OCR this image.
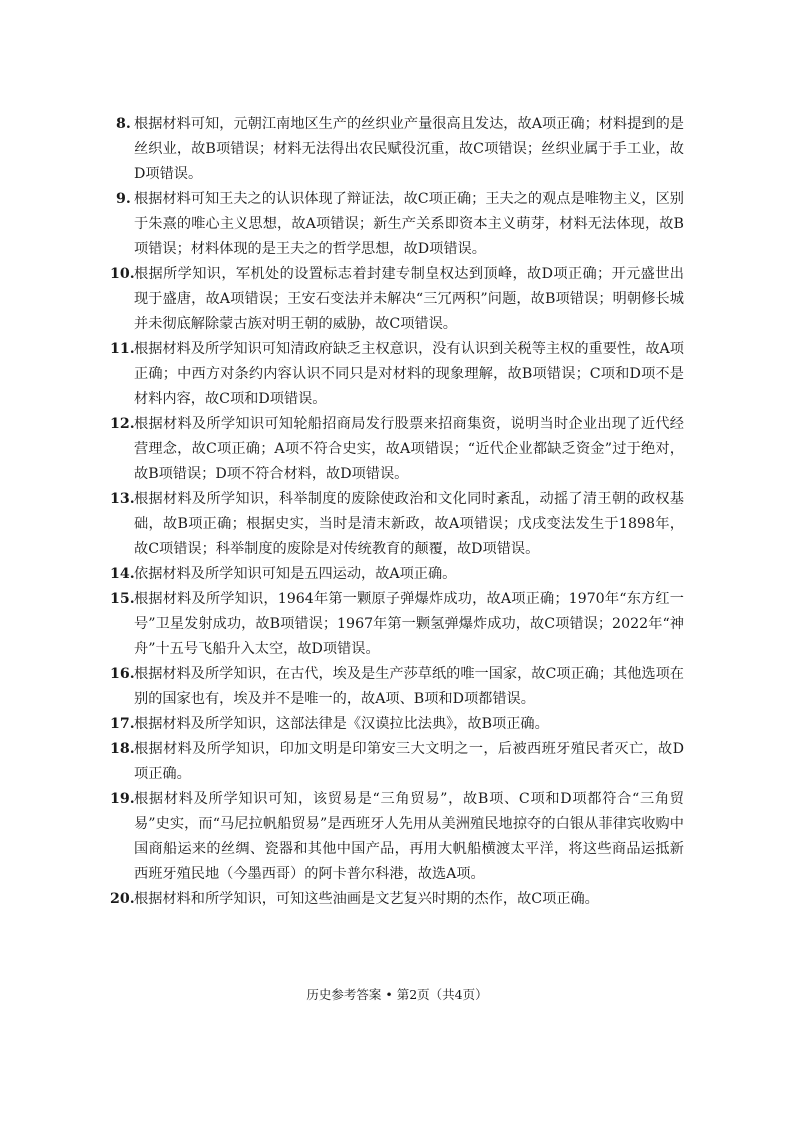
8. 根据材料可知，元朝江南地区生产的丝织业产量很高且发达，故A项正确；材料提到的是丝织业，故B项错误；材料无法得出农民赋役沉重，故C项错误；丝织业属于手工业，故D项错误。
9. 根据材料可知王夫之的认识体现了辩证法，故C项正确；王夫之的观点是唯物主义，区别于朱熹的唯心主义思想，故A项错误；新生产关系即资本主义萌芽，材料无法体现，故B项错误；材料体现的是王夫之的哲学思想，故D项错误。
10. 根据所学知识，军机处的设置标志着封建专制皇权达到顶峰，故D项正确；开元盛世出现于盛唐，故A项错误；王安石变法并未解决“三冗两积”问题，故B项错误；明朝修长城并未彻底解除蒙古族对明王朝的威胁，故C项错误。
11. 根据材料及所学知识可知清政府缺乏主权意识，没有认识到关税等主权的重要性，故A项正确；中西方对条约内容认识不同只是对材料的现象理解，故B项错误；C项和D项不是材料内容，故C项和D项错误。
12. 根据材料及所学知识可知轮船招商局发行股票来招商集资，说明当时企业出现了近代经营理念，故C项正确；A项不符合史实，故A项错误；“近代企业都缺乏资金”过于绝对，故B项错误；D项不符合材料，故D项错误。
13. 根据材料及所学知识，科举制度的废除使政治和文化同时紊乱，动摇了清王朝的政权基础，故B项正确；根据史实，当时是清末新政，故A项错误；戊戌变法发生于1898年，故C项错误；科举制度的废除是对传统教育的颠覆，故D项错误。
14. 依据材料及所学知识可知是五四运动，故A项正确。
15. 根据材料及所学知识，1964年第一颗原子弹爆炸成功，故A项正确；1970年“东方红一号”卫星发射成功，故B项错误；1967年第一颗氢弹爆炸成功，故C项错误；2022年“神舟”十五号飞船升入太空，故D项错误。
16. 根据材料及所学知识，在古代，埃及是生产莎草纸的唯一国家，故C项正确；其他选项在别的国家也有，埃及并不是唯一的，故A项、B项和D项都错误。
17. 根据材料及所学知识，这部法律是《汉谟拉比法典》，故B项正确。
18. 根据材料及所学知识，印加文明是印第安三大文明之一，后被西班牙殖民者灭亡，故D项正确。
19. 根据材料及所学知识可知，该贸易是“三角贸易”，故B项、C项和D项都符合“三角贸易”史实，而“马尼拉帆船贸易”是西班牙人先用从美洲殖民地掠夺的白银从菲律宾收购中国商船运来的丝绸、瓷器和其他中国产品，再用大帆船横渡太平洋，将这些商品运抵新西班牙殖民地（今墨西哥）的阿卡普尔科港，故选A项。
20. 根据材料和所学知识，可知这些油画是文艺复兴时期的杰作，故C项正确。
历史参考答案 • 第2页（共4页）
